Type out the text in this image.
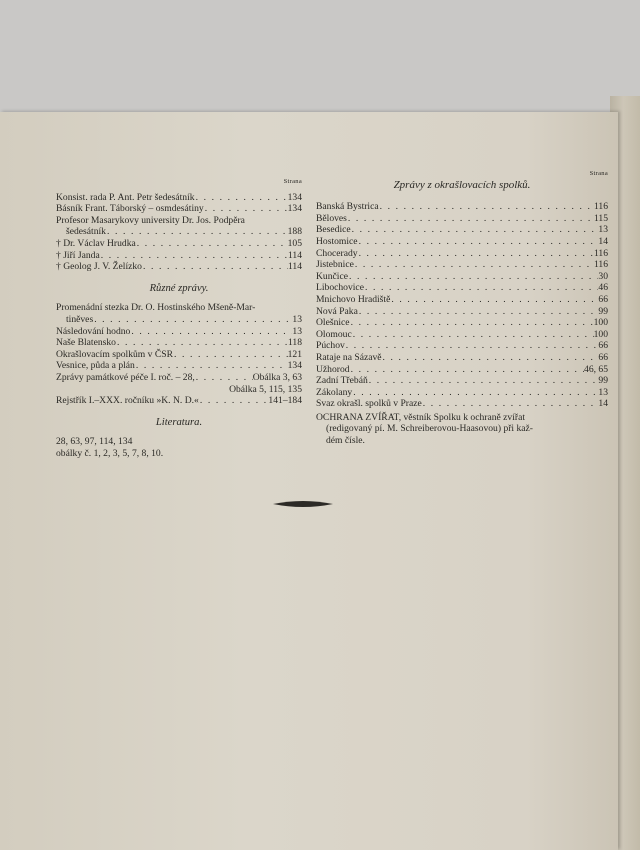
Strana
Konsist. rada P. Ant. Petr šedesátník . . .	134
Básník Frant. Táborský – osmdesátiny . . .	134
Profesor Masarykovy university Dr. Jos. Podpěra
šedesátník . . .	188
† Dr. Václav Hrudka . . .	105
† Jiří Janda . . .	114
† Geolog J. V. Želízko . . .	114
Různé zprávy.
Promenádní stezka Dr. O. Hostinského Mšeně-Mar-
tiněves . . .	13
Následování hodno . . .	13
Naše Blatensko . . .	118
Okrašlovacím spolkům v ČSR . . .	121
Vesnice, půda a plán . . .	134
Zprávy památkové péče I. roč. – 28, . . .	Obálka 3, 63
Obálka 5, 115, 135
Rejstřík I.–XXX. ročníku »K. N. D.« . . .	141–184
Literatura.
28, 63, 97, 114, 134
obálky č. 1, 2, 3, 5, 7, 8, 10.
Strana
Zprávy z okrašlovacích spolků.
Banská Bystrica . . .	116
Běloves . . .	115
Besedice . . .	13
Hostomice . . .	14
Chocerady . . .	116
Jistebnice . . .	116
Kunčice . . .	30
Libochovice . . .	46
Mnichovo Hradiště . . .	66
Nová Paka . . .	99
Olešnice . . .	100
Olomouc . . .	100
Púchov . . .	66
Rataje na Sázavě . . .	66
Užhorod . . .	46, 65
Zadní Třebáň . . .	99
Zákolany . . .	13
Svaz okrašl. spolků v Praze . . .	14
OCHRANA ZVÍŘAT, věstník Spolku k ochraně zvířat
(redigovaný pí. M. Schreiberovou-Haasovou) při kaž-
dém čísle.
